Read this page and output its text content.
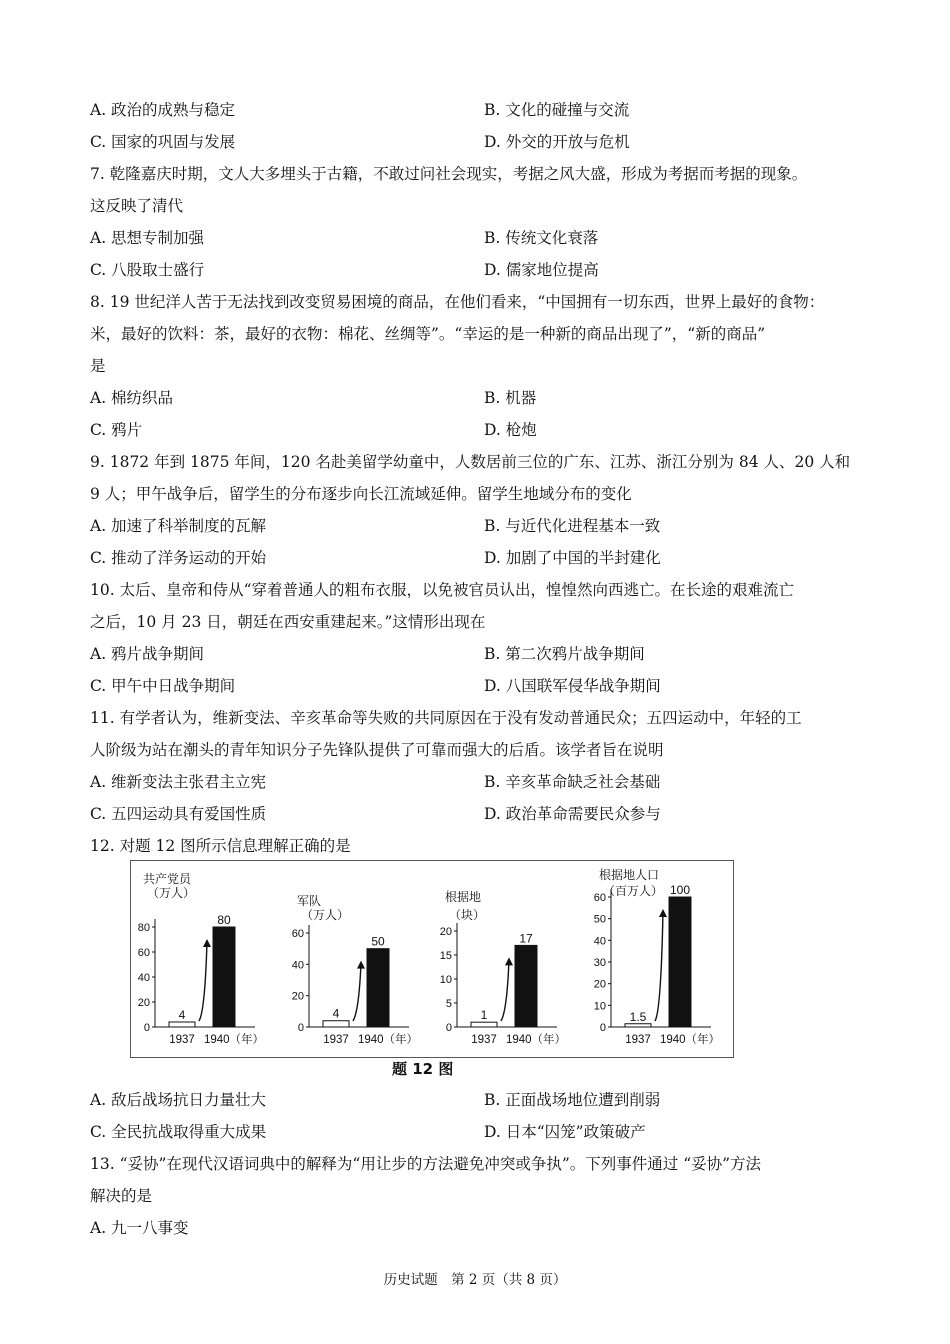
A. 政治的成熟与稳定	B. 文化的碰撞与交流
C. 国家的巩固与发展	D. 外交的开放与危机
7. 乾隆嘉庆时期，文人大多埋头于古籍，不敢过问社会现实，考据之风大盛，形成为考据而考据的现象。
这反映了清代
A. 思想专制加强	B. 传统文化衰落
C. 八股取士盛行	D. 儒家地位提高
8. 19 世纪洋人苦于无法找到改变贸易困境的商品，在他们看来，“中国拥有一切东西，世界上最好的食物：
米，最好的饮料：茶，最好的衣物：棉花、丝绸等”。“幸运的是一种新的商品出现了”，“新的商品”
是
A. 棉纺织品	B. 机器
C. 鸦片	D. 枪炮
9. 1872 年到 1875 年间，120 名赴美留学幼童中，人数居前三位的广东、江苏、浙江分别为 84 人、20 人和
9 人；甲午战争后，留学生的分布逐步向长江流域延伸。留学生地域分布的变化
A. 加速了科举制度的瓦解	B. 与近代化进程基本一致
C. 推动了洋务运动的开始	D. 加剧了中国的半封建化
10. 太后、皇帝和侍从“穿着普通人的粗布衣服，以免被官员认出，惶惶然向西逃亡。在长途的艰难流亡
之后，10 月 23 日，朝廷在西安重建起来。”这情形出现在
A. 鸦片战争期间	B. 第二次鸦片战争期间
C. 甲午中日战争期间	D. 八国联军侵华战争期间
11. 有学者认为，维新变法、辛亥革命等失败的共同原因在于没有发动普通民众；五四运动中，年轻的工
人阶级为站在潮头的青年知识分子先锋队提供了可靠而强大的后盾。该学者旨在说明
A. 维新变法主张君主立宪	B. 辛亥革命缺乏社会基础
C. 五四运动具有爱国性质	D. 政治革命需要民众参与
12. 对题 12 图所示信息理解正确的是
共产党员
（万人）
0
20
40
60
80
4
1937
80
1940（年）
军队
（万人）
0
20
40
60
4
1937
50
1940（年）
根据地
（块）
0
5
10
15
20
1
1937
17
1940（年）
根据地人口
（百万人）
0
10
20
30
40
50
60
1.5
1937
100
1940（年）
题 12 图
A. 敌后战场抗日力量壮大	B. 正面战场地位遭到削弱
C. 全民抗战取得重大成果	D. 日本“囚笼”政策破产
13. “妥协”在现代汉语词典中的解释为“用让步的方法避免冲突或争执”。下列事件通过 “妥协”方法
解决的是
A. 九一八事变
历史试题　第 2 页（共 8 页）
